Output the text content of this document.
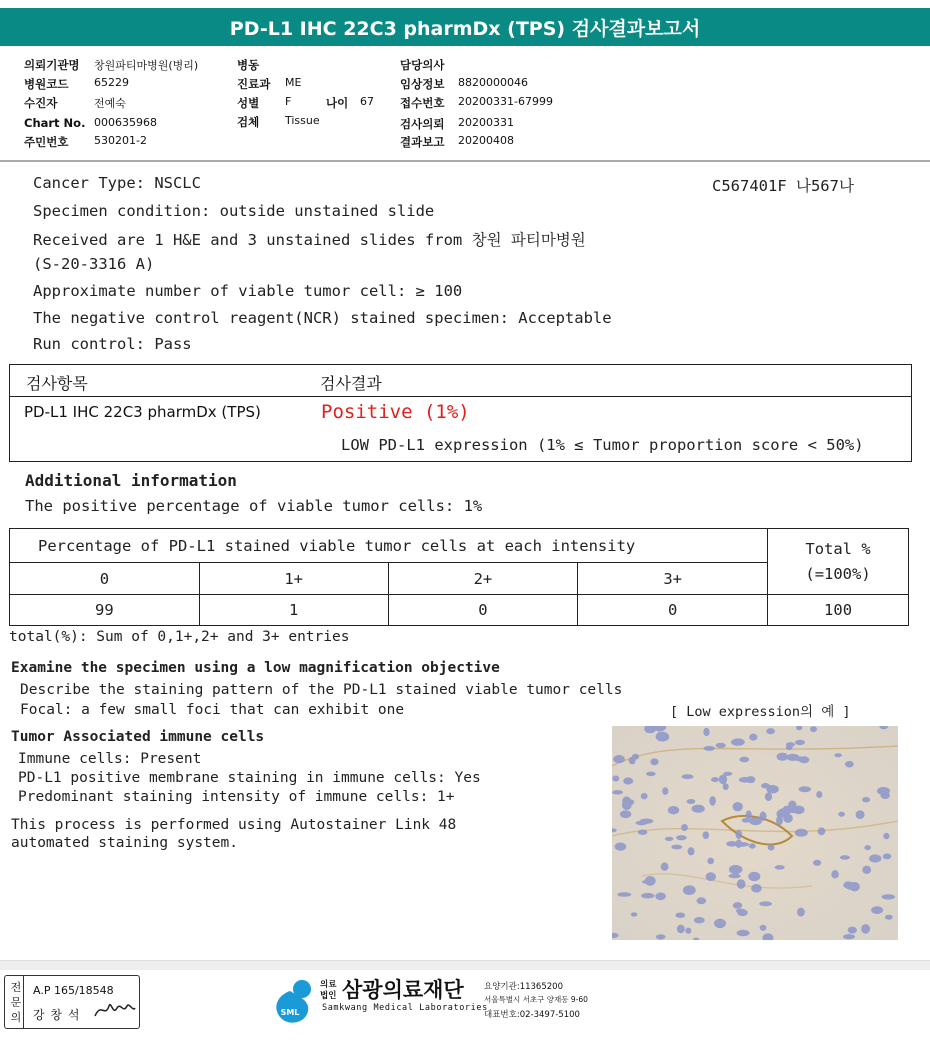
PD-L1 IHC 22C3 pharmDx (TPS) 검사결과보고서
의뢰기관명 창원파티마병원(병리)
병원코드 65229
수진자	전예숙
Chart No. 000635968
주민번호 530201-2
병동
진료과 ME
성별 F	나이 67
검체 Tissue
담당의사
임상정보 8820000046
접수번호 20200331-67999
검사의뢰 20200331
결과보고 20200408
C567401F 나567나
Cancer Type: NSCLC
Specimen condition: outside unstained slide
Received are 1 H&E and 3 unstained slides from 창원 파티마병원
(S-20-3316 A)
Approximate number of viable tumor cell: ≥ 100
The negative control reagent(NCR) stained specimen: Acceptable
Run control: Pass
검사항목	검사결과
PD-L1 IHC 22C3 pharmDx (TPS)	Positive (1%)
LOW PD-L1 expression (1% ≤ Tumor proportion score < 50%)
Additional information
The positive percentage of viable tumor cells: 1%
Percentage of PD-L1 stained viable tumor cells at each intensity				Total %
(=100%)
0	1+	2+	3+	
99	1	0	0	100
total(%): Sum of 0,1+,2+ and 3+ entries
Examine the specimen using a low magnification objective
Describe the staining pattern of the PD-L1 stained viable tumor cells
Focal: a few small foci that can exhibit one	[ Low expression의 예 ]
Tumor Associated immune cells
Immune cells: Present
PD-L1 positive membrane staining in immune cells: Yes
Predominant staining intensity of immune cells: 1+
This process is performed using Autostainer Link 48
automated staining system.
전문의
A.P 165/18548
강 창 석	SML
의료
법인 삼광의료재단
Samkwang Medical Laboratories
요양기관:11365200
서울특별시 서초구 양재동 9-60
대표번호:02-3497-5100
